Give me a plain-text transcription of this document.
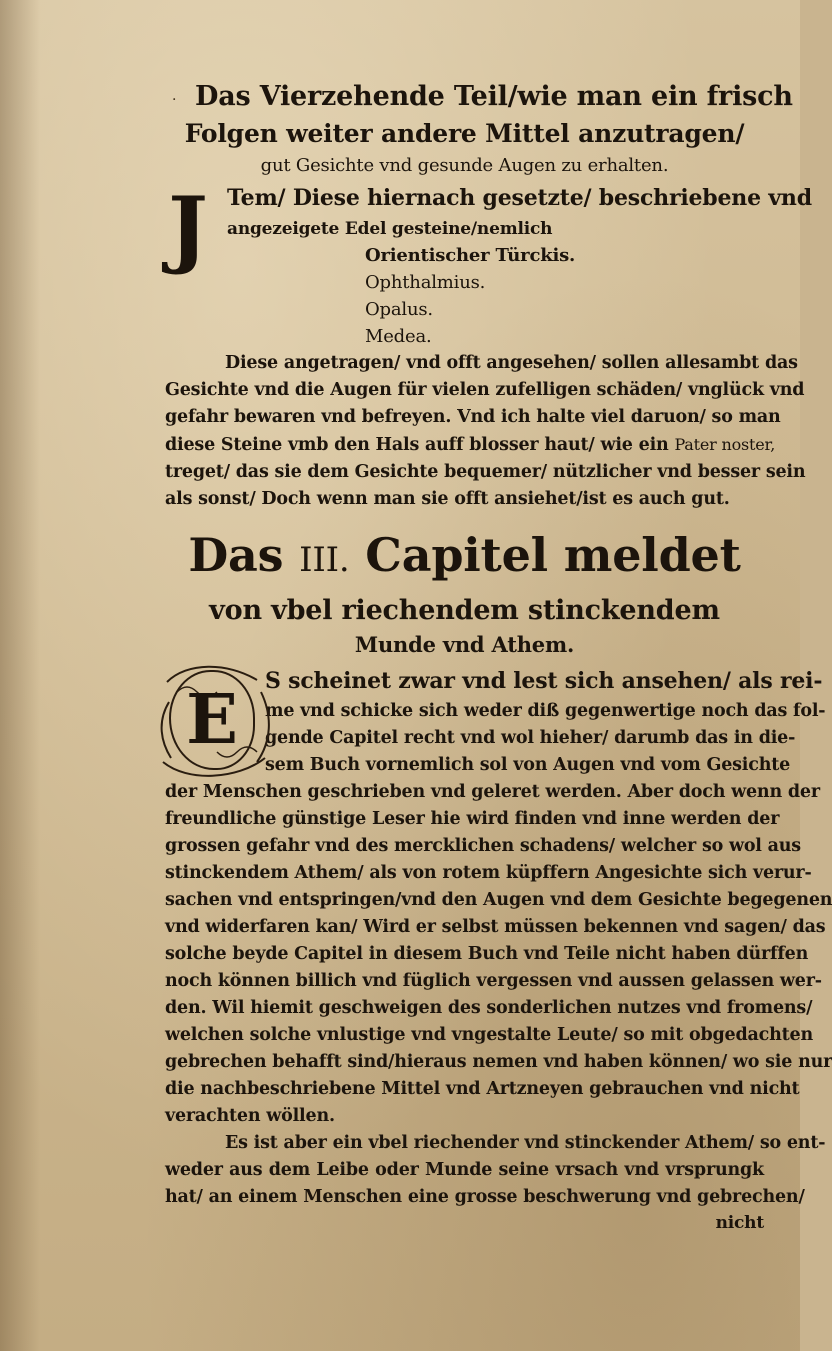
· Das Vierzehende Teil/wie man ein frisch
Folgen weiter andere Mittel anzutragen/
gut Gesichte vnd gesunde Augen zu erhalten.
J Tem/ Diese hiernach gesetzte/ beschriebene vnd
angezeigete Edel gesteine/nemlich
Orientischer Türckis.
Ophthalmius.
Opalus.
Medea.
Diese angetragen/ vnd offt angesehen/ sollen allesambt das
Gesichte vnd die Augen für vielen zufelligen schäden/ vnglück vnd
gefahr bewaren vnd befreyen. Vnd ich halte viel daruon/ so man
diese Steine vmb den Hals auff blosser haut/ wie ein Pater noster,
treget/ das sie dem Gesichte bequemer/ nützlicher vnd besser sein
als sonst/ Doch wenn man sie offt ansiehet/ist es auch gut.
Das III. Capitel meldet
von vbel riechendem stinckendem
Munde vnd Athem.
E	S scheinet zwar vnd lest sich ansehen/ als rei-
me vnd schicke sich weder diß gegenwertige noch das fol-
gende Capitel recht vnd wol hieher/ darumb das in die-
sem Buch vornemlich sol von Augen vnd vom Gesichte
der Menschen geschrieben vnd geleret werden. Aber doch wenn der
freundliche günstige Leser hie wird finden vnd inne werden der
grossen gefahr vnd des mercklichen schadens/ welcher so wol aus
stinckendem Athem/ als von rotem küpffern Angesichte sich verur-
sachen vnd entspringen/vnd den Augen vnd dem Gesichte begegenen
vnd widerfaren kan/ Wird er selbst müssen bekennen vnd sagen/ das
solche beyde Capitel in diesem Buch vnd Teile nicht haben dürffen
noch können billich vnd füglich vergessen vnd aussen gelassen wer-
den. Wil hiemit geschweigen des sonderlichen nutzes vnd fromens/
welchen solche vnlustige vnd vngestalte Leute/ so mit obgedachten
gebrechen behafft sind/hieraus nemen vnd haben können/ wo sie nur
die nachbeschriebene Mittel vnd Artzneyen gebrauchen vnd nicht
verachten wöllen.
Es ist aber ein vbel riechender vnd stinckender Athem/ so ent-
weder aus dem Leibe oder Munde seine vrsach vnd vrsprungk
hat/ an einem Menschen eine grosse beschwerung vnd gebrechen/
nicht
